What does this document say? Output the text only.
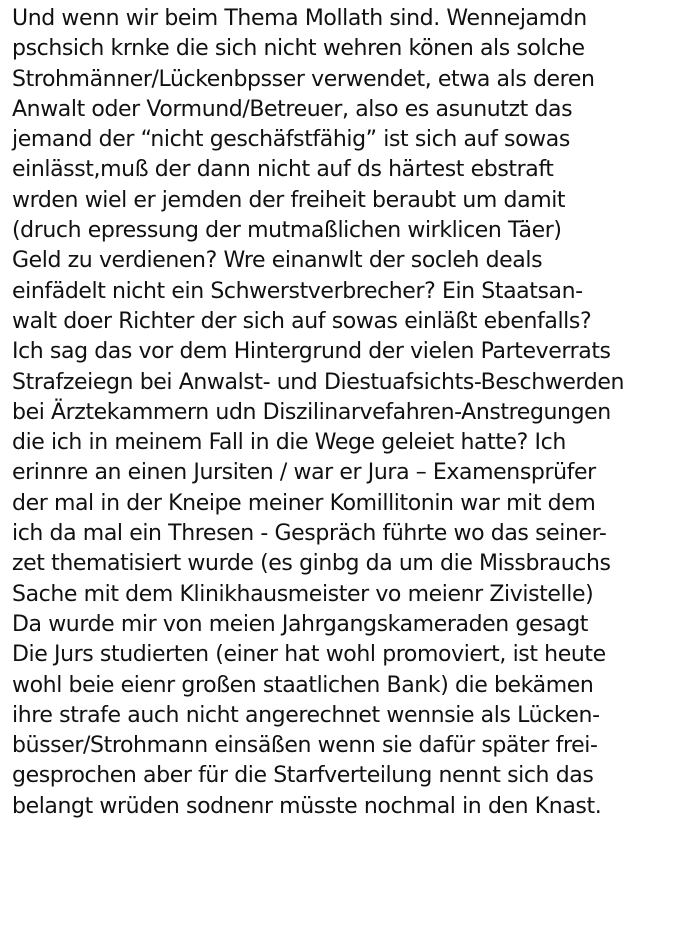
Und wenn wir beim Thema Mollath sind. Wennejamdn
pschsich krnke die sich nicht wehren könen als solche
Strohmänner/Lückenbpsser verwendet, etwa als deren
Anwalt oder Vormund/Betreuer, also es asunutzt das
jemand der “nicht geschäfstfähig” ist sich auf sowas
einlässt,muß der dann nicht auf ds härtest ebstraft
wrden wiel er jemden der freiheit beraubt um damit
(druch epressung der mutmaßlichen wirklicen Täer)
Geld zu verdienen? Wre einanwlt der socleh deals
einfädelt nicht ein Schwerstverbrecher? Ein Staatsan-
walt doer Richter der sich auf sowas einläßt ebenfalls?
Ich sag das vor dem Hintergrund der vielen Parteverrats
Strafzeiegn bei Anwalst- und Diestuafsichts-Beschwerden
bei Ärztekammern udn Diszilinarvefahren-Anstregungen
die ich in meinem Fall in die Wege geleiet hatte? Ich
erinnre an einen Jursiten / war er Jura – Examensprüfer
der mal in der Kneipe meiner Komillitonin war mit dem
ich da mal ein Thresen - Gespräch führte wo das seiner-
zet thematisiert wurde (es ginbg da um die Missbrauchs
Sache mit dem Klinikhausmeister vo meienr Zivistelle)
Da wurde mir von meien Jahrgangskameraden gesagt
Die Jurs studierten (einer hat wohl promoviert, ist heute
wohl beie eienr großen staatlichen Bank) die bekämen
ihre strafe auch nicht angerechnet wennsie als Lücken-
büsser/Strohmann einsäßen wenn sie dafür später frei-
gesprochen aber für die Starfverteilung nennt sich das
belangt wrüden sodnenr müsste nochmal in den Knast.
